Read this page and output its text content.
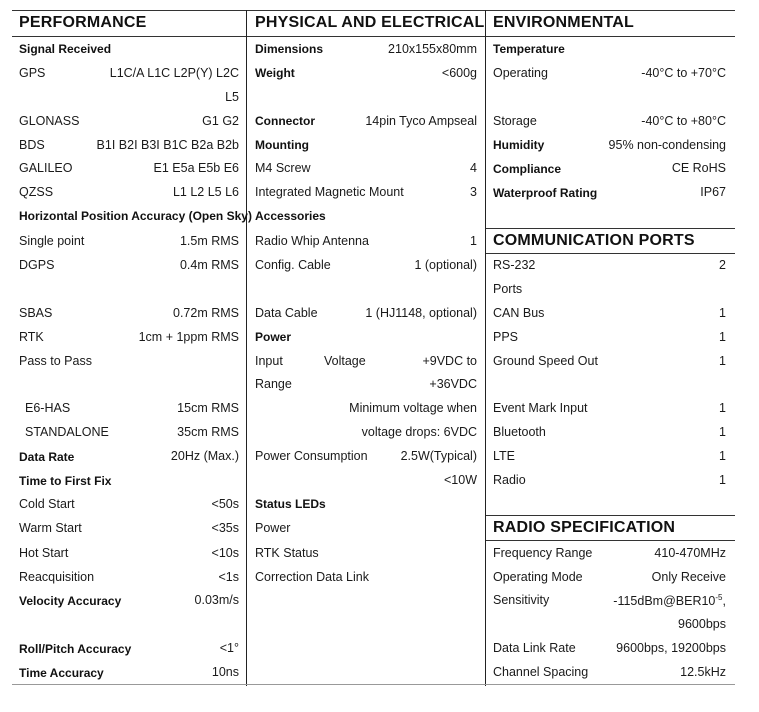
PERFORMANCE
Signal Received
GPS	L1C/A L1C L2P(Y) L2C
L5
GLONASS	G1 G2
BDS	B1I B2I B3I B1C B2a B2b
GALILEO	E1 E5a E5b E6
QZSS	L1 L2 L5 L6
Horizontal Position Accuracy (Open Sky)
Single point	1.5m RMS
DGPS	0.4m RMS
SBAS	0.72m RMS
RTK	1cm + 1ppm RMS
Pass to Pass
E6-HAS	15cm RMS
STANDALONE	35cm RMS
Data Rate	20Hz (Max.)
Time to First Fix
Cold Start	<50s
Warm Start	<35s
Hot Start	<10s
Reacquisition	<1s
Velocity Accuracy	0.03m/s
Roll/Pitch Accuracy	<1°
Time Accuracy	10ns
PHYSICAL AND ELECTRICAL
Dimensions	210x155x80mm
Weight	<600g
Connector	14pin Tyco Ampseal
Mounting
M4 Screw	4
Integrated Magnetic Mount	3
Accessories
Radio Whip Antenna	1
Config. Cable	1 (optional)
Data Cable	1 (HJ1148, optional)
Power
Input	Voltage	+9VDC to
Range	+36VDC
Minimum voltage when
voltage drops: 6VDC
Power Consumption	2.5W(Typical)
<10W
Status LEDs
Power
RTK Status
Correction Data Link
ENVIRONMENTAL
Temperature
Operating	-40°C to +70°C
Storage	-40°C to +80°C
Humidity	95% non-condensing
Compliance	CE RoHS
Waterproof Rating	IP67
COMMUNICATION PORTS
RS-232	2
Ports
CAN Bus	1
PPS	1
Ground Speed Out	1
Event Mark Input	1
Bluetooth	1
LTE	1
Radio	1
RADIO SPECIFICATION
Frequency Range	410-470MHz
Operating Mode	Only Receive
Sensitivity	$-115dBm@BER10^{-5}$,
9600bps
Data Link Rate	9600bps, 19200bps
Channel Spacing	12.5kHz
